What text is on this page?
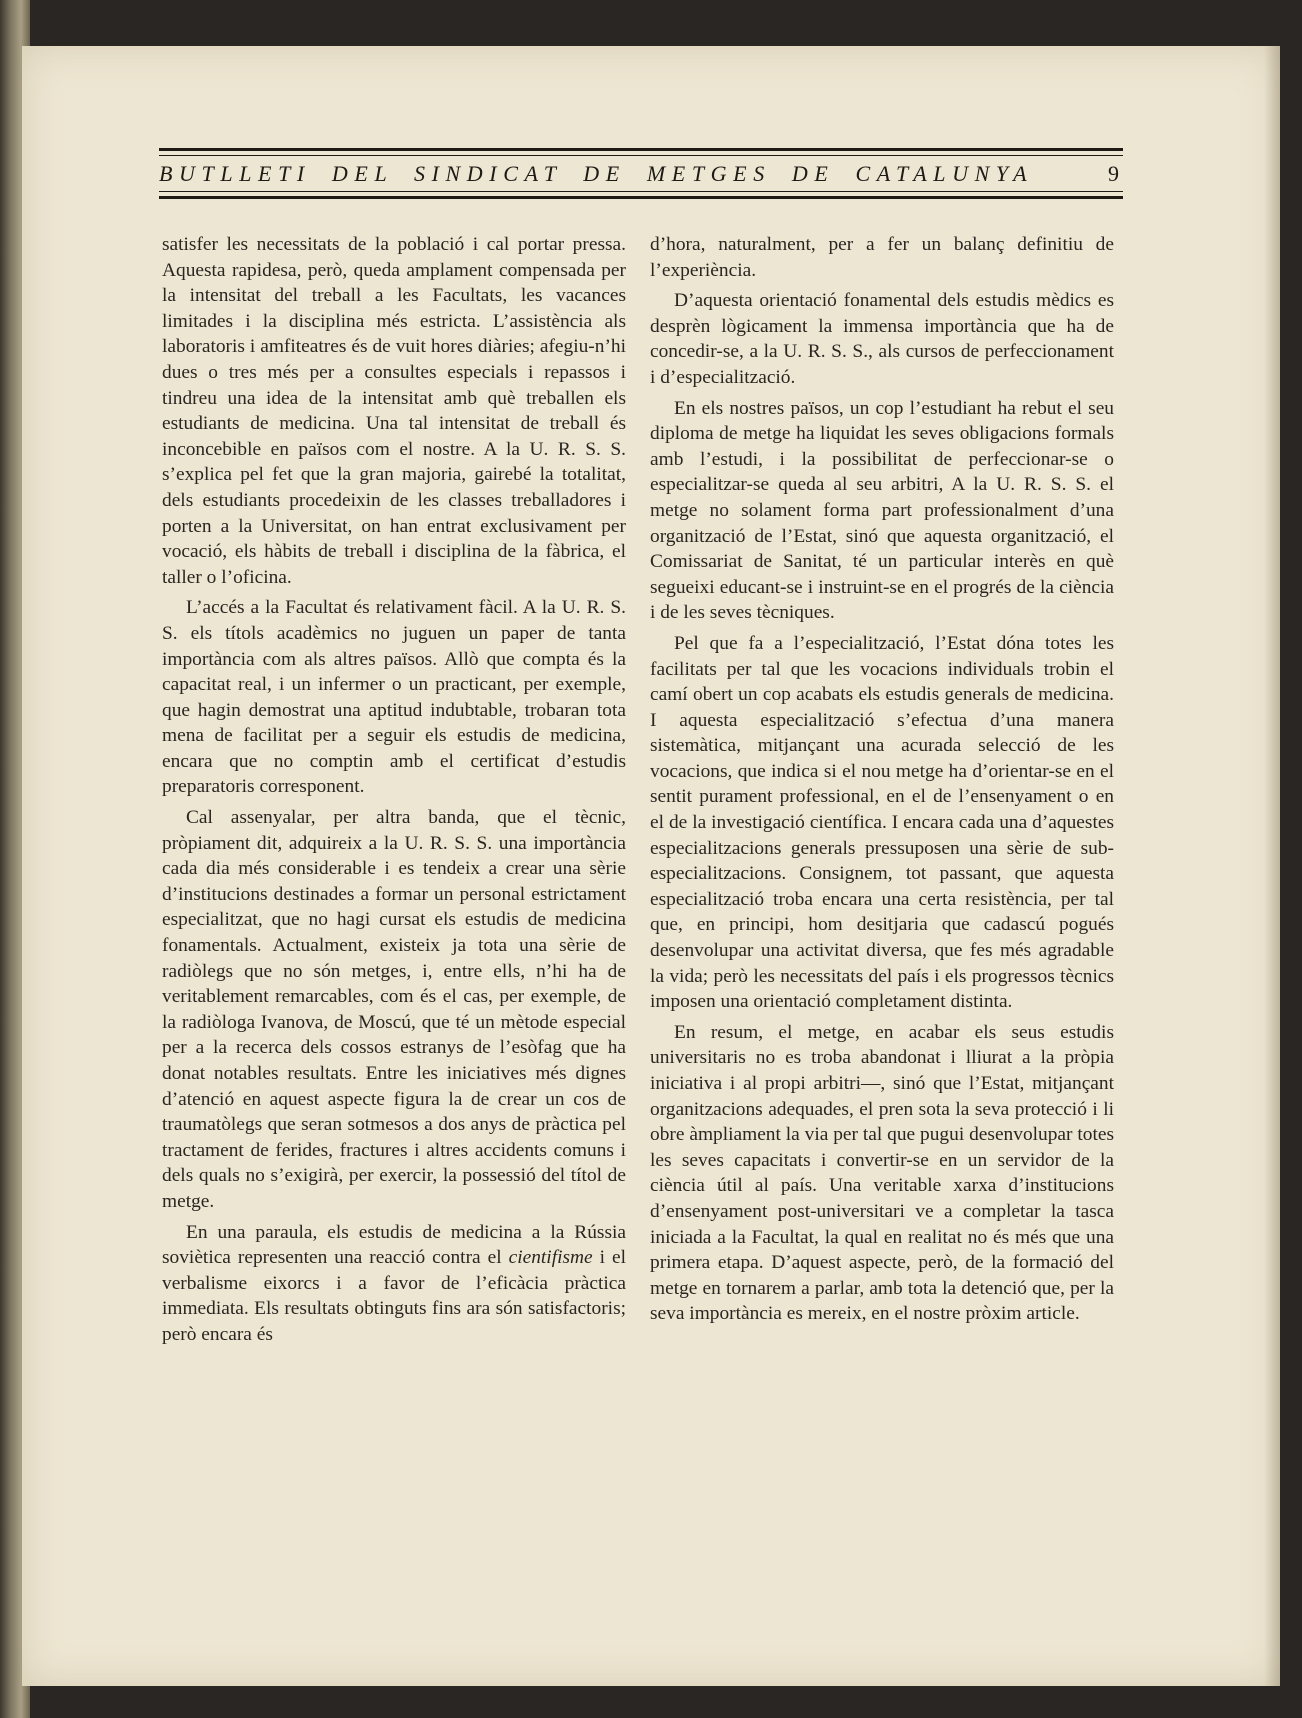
BUTLLETI DEL SINDICAT DE METGES DE CATALUNYA	9

satisfer les necessitats de la població i cal portar pressa. Aquesta rapidesa, però, queda amplament compensada per la intensitat del treball a les Facultats, les vacances limitades i la disciplina més estricta. L’assistència als laboratoris i amfiteatres és de vuit hores diàries; afegiu-n’hi dues o tres més per a consultes especials i repassos i tindreu una idea de la intensitat amb què treballen els estudiants de medicina. Una tal intensitat de treball és inconcebible en països com el nostre. A la U. R. S. S. s’explica pel fet que la gran majoria, gairebé la totalitat, dels estudiants procedeixin de les classes treballadores i porten a la Universitat, on han entrat exclusivament per vocació, els hàbits de treball i disciplina de la fàbrica, el taller o l’oficina.

L’accés a la Facultat és relativament fàcil. A la U. R. S. S. els títols acadèmics no juguen un paper de tanta importància com als altres països. Allò que compta és la capacitat real, i un infermer o un practicant, per exemple, que hagin demostrat una aptitud indubtable, trobaran tota mena de facilitat per a seguir els estudis de medicina, encara que no comptin amb el certificat d’estudis preparatoris corresponent.

Cal assenyalar, per altra banda, que el tècnic, pròpiament dit, adquireix a la U. R. S. S. una importància cada dia més considerable i es tendeix a crear una sèrie d’institucions destinades a formar un personal estrictament especialitzat, que no hagi cursat els estudis de medicina fonamentals. Actualment, existeix ja tota una sèrie de radiòlegs que no són metges, i, entre ells, n’hi ha de veritablement remarcables, com és el cas, per exemple, de la radiòloga Ivanova, de Moscú, que té un mètode especial per a la recerca dels cossos estranys de l’esòfag que ha donat notables resultats. Entre les iniciatives més dignes d’atenció en aquest aspecte figura la de crear un cos de traumatòlegs que seran sotmesos a dos anys de pràctica pel tractament de ferides, fractures i altres accidents comuns i dels quals no s’exigirà, per exercir, la possessió del títol de metge.

En una paraula, els estudis de medicina a la Rússia soviètica representen una reacció contra el cientifisme i el verbalisme eixorcs i a favor de l’eficàcia pràctica immediata. Els resultats obtinguts fins ara són satisfactoris; però encara és

d’hora, naturalment, per a fer un balanç definitiu de l’experiència.

D’aquesta orientació fonamental dels estudis mèdics es desprèn lògicament la immensa importància que ha de concedir-se, a la U. R. S. S., als cursos de perfeccionament i d’especialització.

En els nostres països, un cop l’estudiant ha rebut el seu diploma de metge ha liquidat les seves obligacions formals amb l’estudi, i la possibilitat de perfeccionar-se o especialitzar-se queda al seu arbitri, A la U. R. S. S. el metge no solament forma part professionalment d’una organització de l’Estat, sinó que aquesta organització, el Comissariat de Sanitat, té un particular interès en què segueixi educant-se i instruint-se en el progrés de la ciència i de les seves tècniques.

Pel que fa a l’especialització, l’Estat dóna totes les facilitats per tal que les vocacions individuals trobin el camí obert un cop acabats els estudis generals de medicina. I aquesta especialització s’efectua d’una manera sistemàtica, mitjançant una acurada selecció de les vocacions, que indica si el nou metge ha d’orientar-se en el sentit purament professional, en el de l’ensenyament o en el de la investigació científica. I encara cada una d’aquestes especialitzacions generals pressuposen una sèrie de sub-especialitzacions. Consignem, tot passant, que aquesta especialització troba encara una certa resistència, per tal que, en principi, hom desitjaria que cadascú pogués desenvolupar una activitat diversa, que fes més agradable la vida; però les necessitats del país i els progressos tècnics imposen una orientació completament distinta.

En resum, el metge, en acabar els seus estudis universitaris no es troba abandonat i lliurat a la pròpia iniciativa i al propi arbitri—, sinó que l’Estat, mitjançant organitzacions adequades, el pren sota la seva protecció i li obre àmpliament la via per tal que pugui desenvolupar totes les seves capacitats i convertir-se en un servidor de la ciència útil al país. Una veritable xarxa d’institucions d’ensenyament post-universitari ve a completar la tasca iniciada a la Facultat, la qual en realitat no és més que una primera etapa. D’aquest aspecte, però, de la formació del metge en tornarem a parlar, amb tota la detenció que, per la seva importància es mereix, en el nostre pròxim article.
